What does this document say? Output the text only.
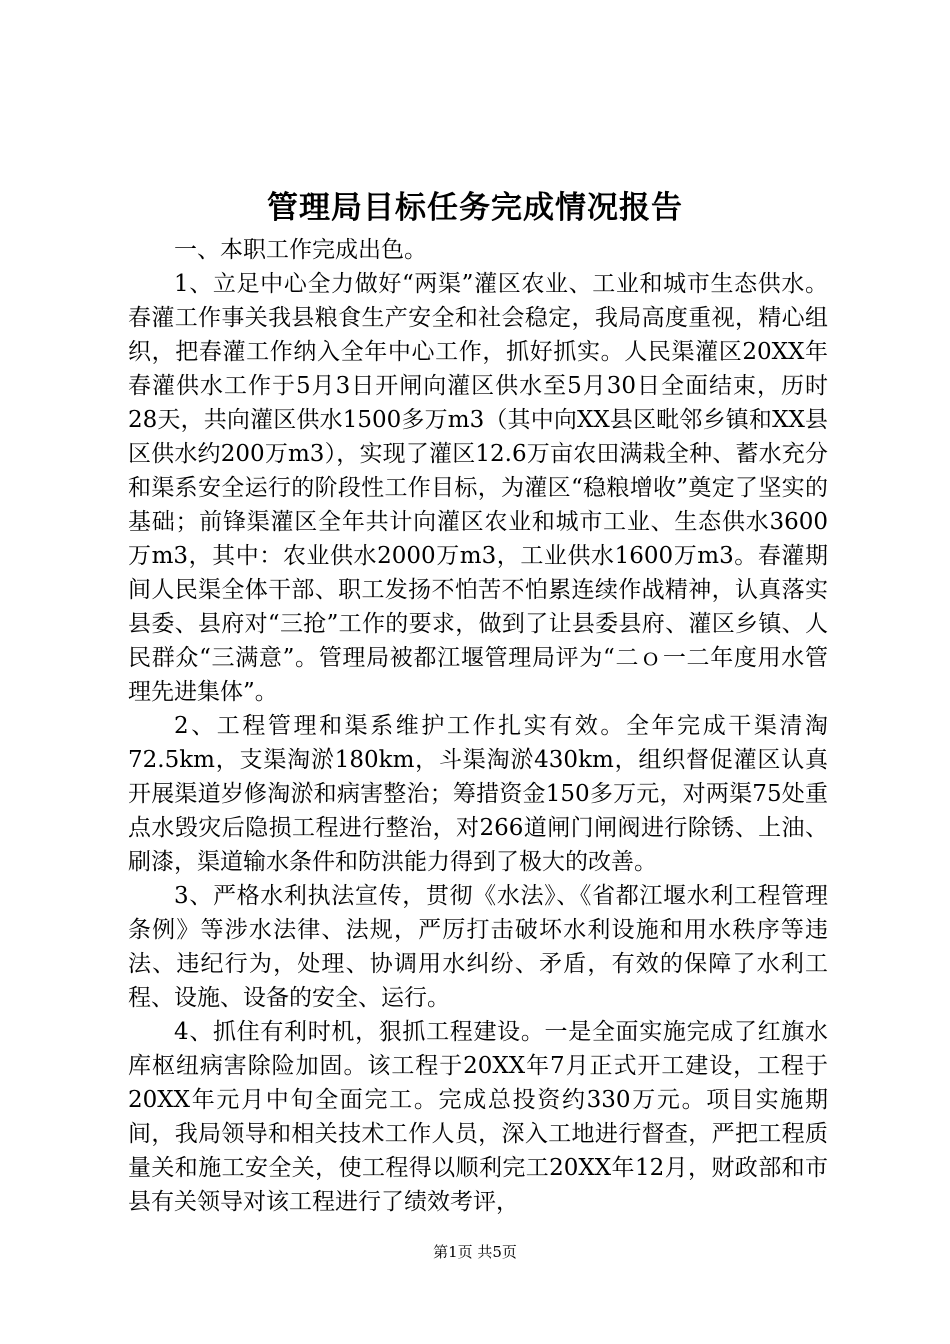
管理局目标任务完成情况报告

一、本职工作完成出色。

1、立足中心全力做好“两渠”灌区农业、工业和城市生态供水。春灌工作事关我县粮食生产安全和社会稳定，我局高度重视，精心组织，把春灌工作纳入全年中心工作，抓好抓实。人民渠灌区20XX年春灌供水工作于5月3日开闸向灌区供水至5月30日全面结束，历时28天，共向灌区供水1500多万m3（其中向XX县区毗邻乡镇和XX县区供水约200万m3），实现了灌区12.6万亩农田满栽全种、蓄水充分和渠系安全运行的阶段性工作目标，为灌区“稳粮增收”奠定了坚实的基础；前锋渠灌区全年共计向灌区农业和城市工业、生态供水3600万m3，其中：农业供水2000万m3，工业供水1600万m3。春灌期间人民渠全体干部、职工发扬不怕苦不怕累连续作战精神，认真落实县委、县府对“三抢”工作的要求，做到了让县委县府、灌区乡镇、人民群众“三满意”。管理局被都江堰管理局评为“二ｏ一二年度用水管理先进集体”。

2、工程管理和渠系维护工作扎实有效。全年完成干渠清淘72.5km，支渠淘淤180km，斗渠淘淤430km，组织督促灌区认真开展渠道岁修淘淤和病害整治；筹措资金150多万元，对两渠75处重点水毁灾后隐损工程进行整治，对266道闸门闸阀进行除锈、上油、刷漆，渠道输水条件和防洪能力得到了极大的改善。

3、严格水利执法宣传，贯彻《水法》、《省都江堰水利工程管理条例》等涉水法律、法规，严厉打击破坏水利设施和用水秩序等违法、违纪行为，处理、协调用水纠纷、矛盾，有效的保障了水利工程、设施、设备的安全、运行。

4、抓住有利时机，狠抓工程建设。一是全面实施完成了红旗水库枢纽病害除险加固。该工程于20XX年7月正式开工建设，工程于20XX年元月中旬全面完工。完成总投资约330万元。项目实施期间，我局领导和相关技术工作人员，深入工地进行督查，严把工程质量关和施工安全关，使工程得以顺利完工20XX年12月，财政部和市县有关领导对该工程进行了绩效考评，

第1页 共5页
